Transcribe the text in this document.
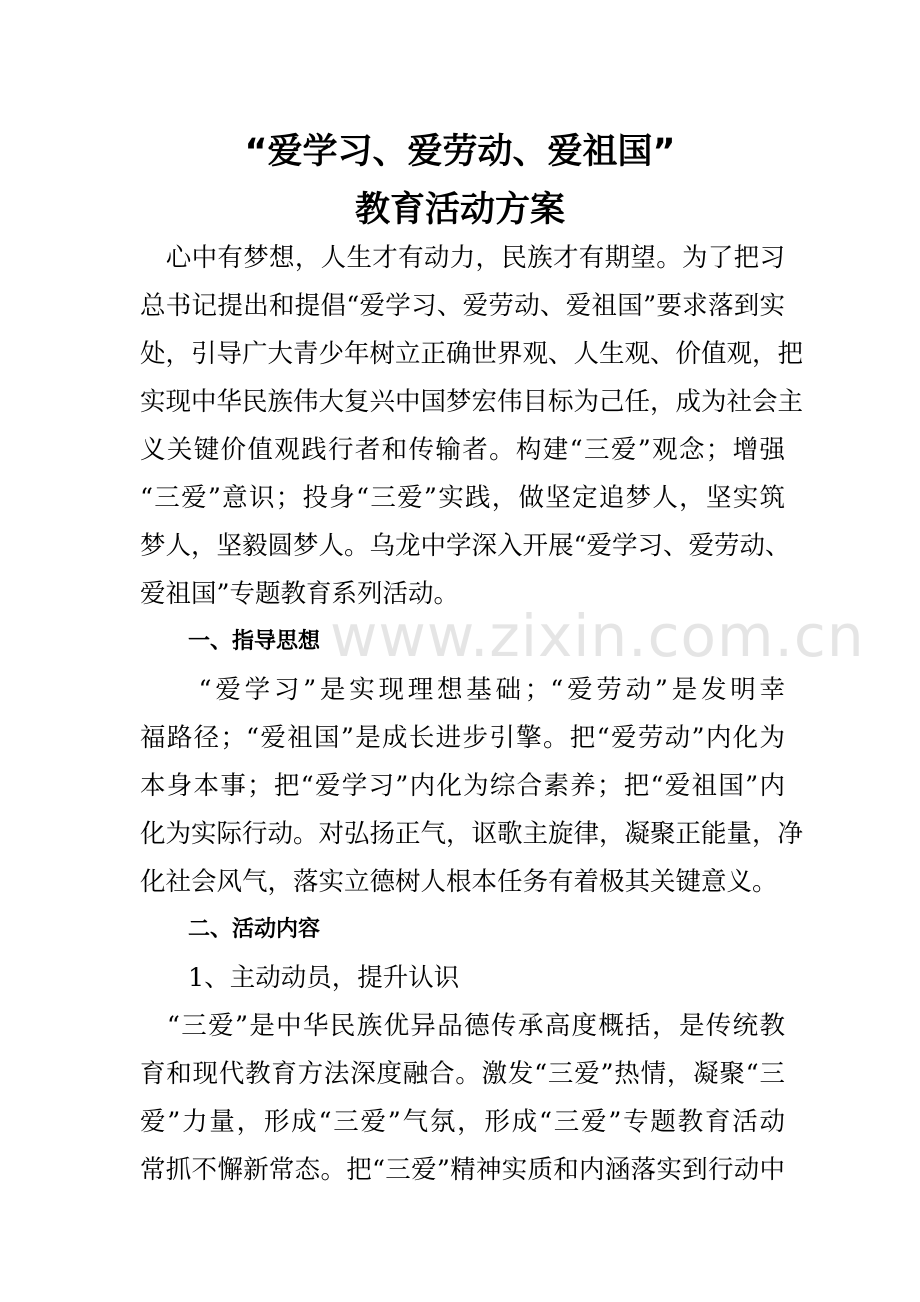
“爱学习、爱劳动、爱祖国”
教育活动方案

　心中有梦想，人生才有动力，民族才有期望。为了把习

总书记提出和提倡“爱学习、爱劳动、爱祖国”要求落到实

处，引导广大青少年树立正确世界观、人生观、价值观，把

实现中华民族伟大复兴中国梦宏伟目标为己任，成为社会主

义关键价值观践行者和传输者。构建“三爱”观念；增强

“三爱”意识；投身“三爱”实践，做坚定追梦人，坚实筑

梦人，坚毅圆梦人。乌龙中学深入开展“爱学习、爱劳动、

爱祖国”专题教育系列活动。

一、指导思想

　　“爱学习”是实现理想基础；“爱劳动”是发明幸

福路径；“爱祖国”是成长进步引擎。把“爱劳动”内化为

本身本事；把“爱学习”内化为综合素养；把“爱祖国”内

化为实际行动。对弘扬正气，讴歌主旋律，凝聚正能量，净

化社会风气，落实立德树人根本任务有着极其关键意义。

二、活动内容

1、主动动员，提升认识

　“三爱”是中华民族优异品德传承高度概括，是传统教

育和现代教育方法深度融合。激发“三爱”热情，凝聚“三

爱”力量，形成“三爱”气氛，形成“三爱”专题教育活动

常抓不懈新常态。把“三爱”精神实质和内涵落实到行动中

www.zixin.com.cn
